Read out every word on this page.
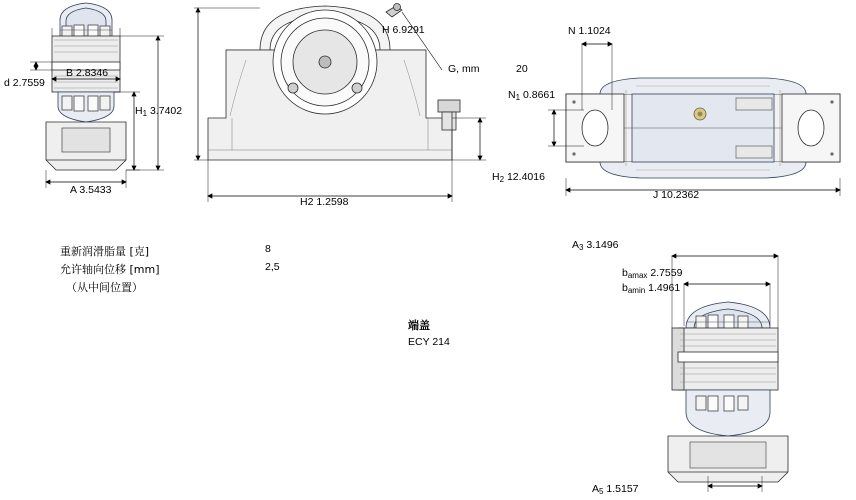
d 2.7559
B 2.8346
$H_1$ 3.7402
A 3.5433
H 6.9291
G, mm	20
$H_2$ 12.4016
H2 1.2598
N 1.1024
$N_1$ 0.8661
J 10.2362
重新润滑脂量 [克]	8
允许轴向位移 [mm]	2,5
（从中间位置）
端盖
ECY 214
$A_3$ 3.1496
$b_{amax}$ 2.7559
$b_{amin}$ 1.4961
$A_5$ 1.5157
